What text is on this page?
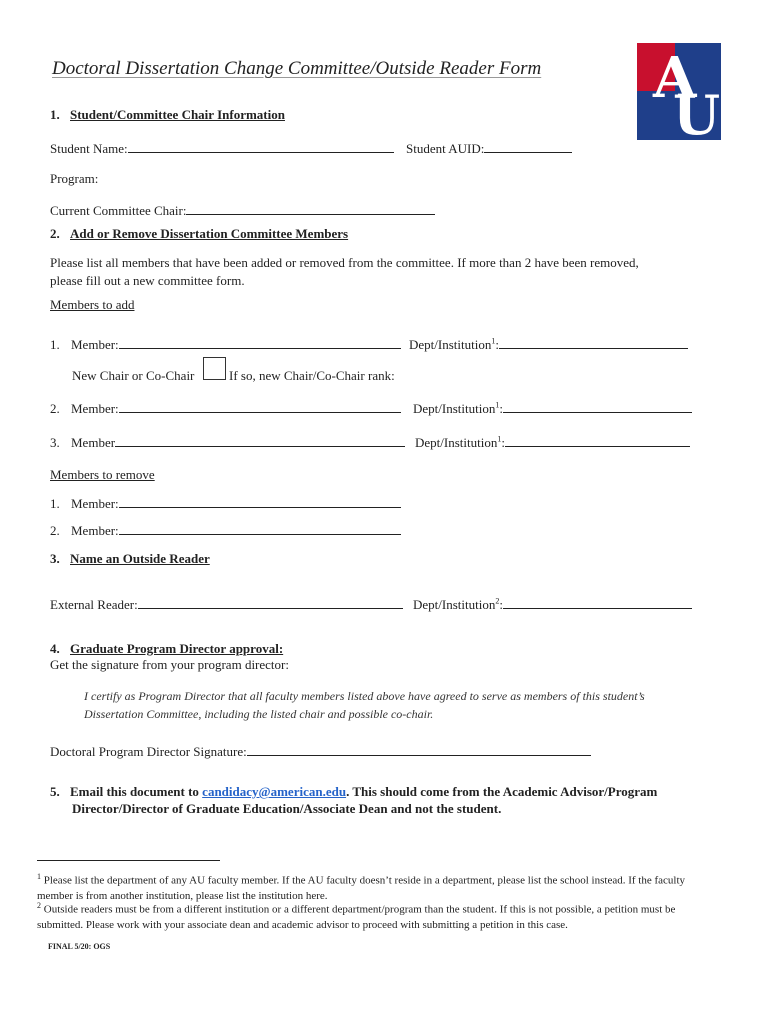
Doctoral Dissertation Change Committee/Outside Reader Form A
U
1. Student/Committee Chair Information
Student Name:	Student AUID:
Program:
Current Committee Chair:
2. Add or Remove Dissertation Committee Members
Please list all members that have been added or removed from the committee. If more than 2 have been removed,
please fill out a new committee form.
Members to add
1. Member:	Dept/Institution$^1$:
New Chair or Co-Chair	If so, new Chair/Co-Chair rank:
2. Member:	Dept/Institution$^1$:
3. Member	Dept/Institution$^1$:
Members to remove
1. Member:
2. Member:
3. Name an Outside Reader
External Reader:	Dept/Institution$^2$:
4. Graduate Program Director approval:
Get the signature from your program director:
I certify as Program Director that all faculty members listed above have agreed to serve as members of this student’s Dissertation Committee, including the listed chair and possible co-chair.
Doctoral Program Director Signature:
5. Email this document to candidacy@american.edu. This should come from the Academic Advisor/Program
Director/Director of Graduate Education/Associate Dean and not the student.
$^1$ Please list the department of any AU faculty member. If the AU faculty doesn’t reside in a department, please list the school instead. If the faculty member is from another institution, please list the institution here.
$^2$ Outside readers must be from a different institution or a different department/program than the student. If this is not possible, a petition must be submitted. Please work with your associate dean and academic advisor to proceed with submitting a petition in this case.
FINAL 5/20: OGS
